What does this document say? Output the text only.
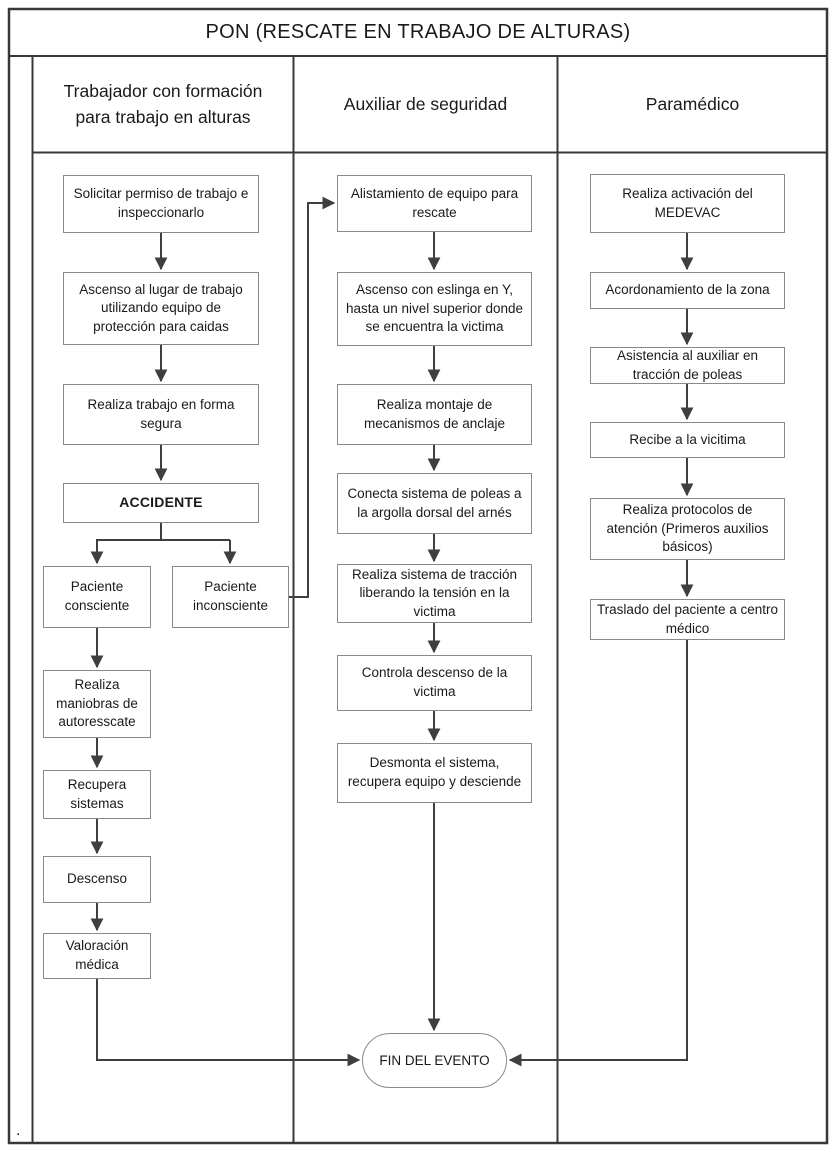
PON (RESCATE EN TRABAJO DE ALTURAS)
Trabajador con formación para trabajo en alturas
Auxiliar de seguridad	Paramédico
Solicitar permiso de trabajo e inspeccionarlo
Ascenso al lugar de trabajo utilizando equipo de protección para caidas
Realiza trabajo en forma segura
ACCIDENTE
Paciente consciente
Paciente inconsciente
Realiza maniobras de autoresscate
Recupera sistemas
Descenso
Valoración médica
Alistamiento de equipo para rescate
Ascenso con eslinga en Y, hasta un nivel superior donde se encuentra la victima
Realiza montaje de mecanismos de anclaje
Conecta sistema de poleas a la argolla dorsal del arnés
Realiza sistema de tracción liberando la tensión en la victima
Controla descenso de la victima
Desmonta el sistema, recupera equipo y desciende
Realiza activación del MEDEVAC
Acordonamiento de la zona
Asistencia al auxiliar en tracción de poleas
Recibe a la vicitima
Realiza protocolos de atención (Primeros auxilios básicos)
Traslado del paciente a centro médico
FIN DEL EVENTO
.
